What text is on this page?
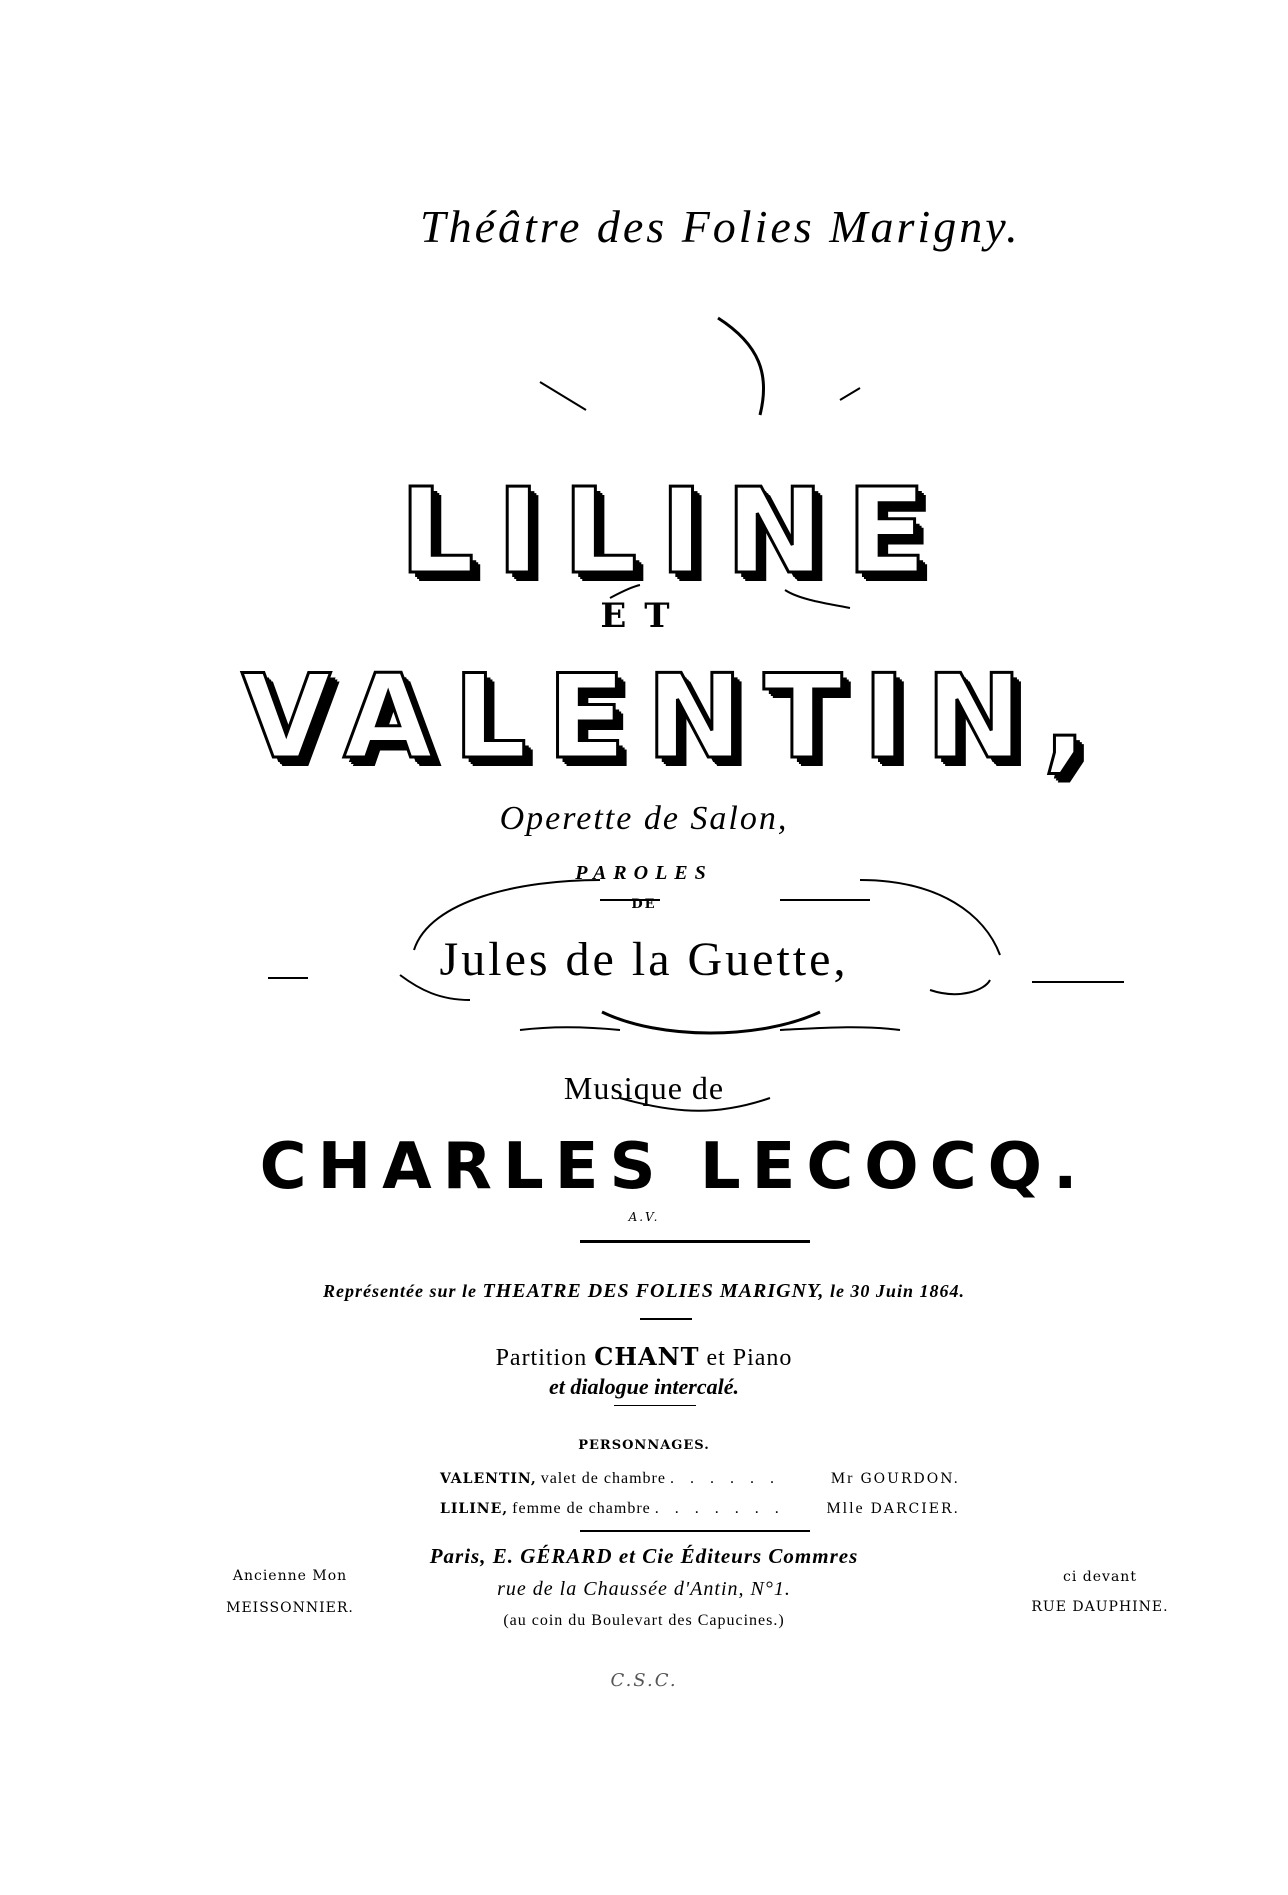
Théâtre des Folies Marigny.
LILINE
ET
VALENTIN,
Operette de Salon,
PAROLES
DE
Jules de la Guette,
Musique de
CHARLES LECOCQ.
A.V.
Représentée sur le THEATRE DES FOLIES MARIGNY, le 30 Juin 1864.
Partition CHANT et Piano
et dialogue intercalé.
PERSONNAGES.
VALENTIN, valet de chambre . . . . . .	Mr GOURDON.
LILINE, femme de chambre . . . . . . .	Mlle DARCIER.
Paris, E. GÉRARD et Cie Éditeurs Commres
rue de la Chaussée d'Antin, N°1.
(au coin du Boulevart des Capucines.)
Ancienne Mon
MEISSONNIER.
ci devant
RUE DAUPHINE.
C.S.C.
